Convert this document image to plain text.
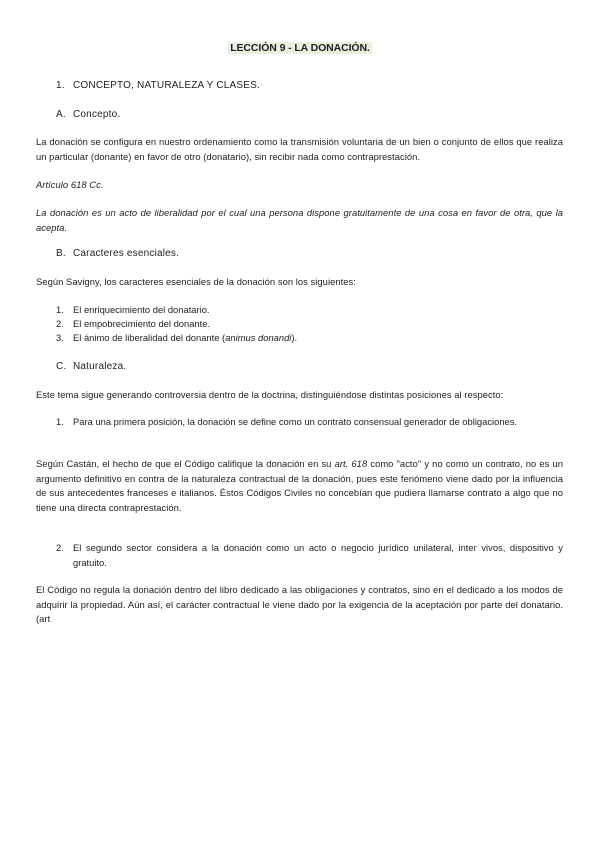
LECCIÓN 9 - LA DONACIÓN.
1. CONCEPTO, NATURALEZA Y CLASES.
A. Concepto.
La donación se configura en nuestro ordenamiento como la transmisión voluntaria de un bien o conjunto de ellos que realiza un particular (donante) en favor de otro (donatario), sin recibir nada como contraprestación.
Artículo 618 Cc.
La donación es un acto de liberalidad por el cual una persona dispone gratuitamente de una cosa en favor de otra, que la acepta.
B. Caracteres esenciales.
Según Savigny, los caracteres esenciales de la donación son los siguientes:
1. El enriquecimiento del donatario.
2. El empobrecimiento del donante.
3. El ánimo de liberalidad del donante (animus donandi).
C. Naturaleza.
Este tema sigue generando controversia dentro de la doctrina, distinguiéndose distintas posiciones al respecto:
1. Para una primera posición, la donación se define como un contrato consensual generador de obligaciones.
Según Castán, el hecho de que el Código califique la donación en su art. 618 como "acto" y no como un contrato, no es un argumento definitivo en contra de la naturaleza contractual de la donación, pues este fenómeno viene dado por la influencia de sus antecedentes franceses e italianos. Éstos Códigos Civiles no concebían que pudiera llamarse contrato a algo que no tiene una directa contraprestación.
2. El segundo sector considera a la donación como un acto o negocio jurídico unilateral, inter vivos, dispositivo y gratuito.
El Código no regula la donación dentro del libro dedicado a las obligaciones y contratos, sino en el dedicado a los modos de adquirir la propiedad. Aún así, el carácter contractual le viene dado por la exigencia de la aceptación por parte del donatario. (art
